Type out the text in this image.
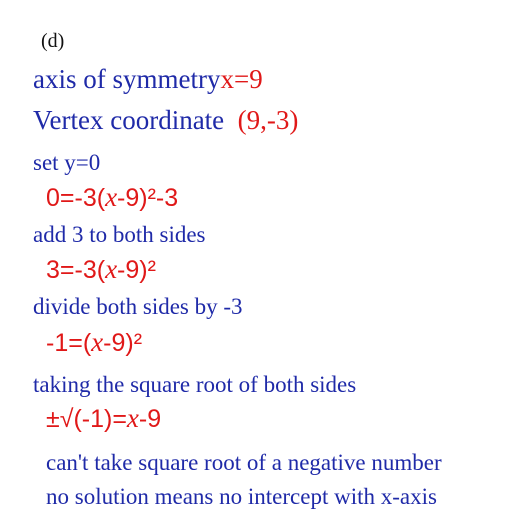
(d)
axis of symmetryx=9
Vertex coordinate (9,-3)
set y=0
0=-3(x-9)²-3
add 3 to both sides
3=-3(x-9)²
divide both sides by -3
-1=(x-9)²
taking the square root of both sides
±√(-1)=x-9
can't take square root of a negative number
no solution means no intercept with x-axis
